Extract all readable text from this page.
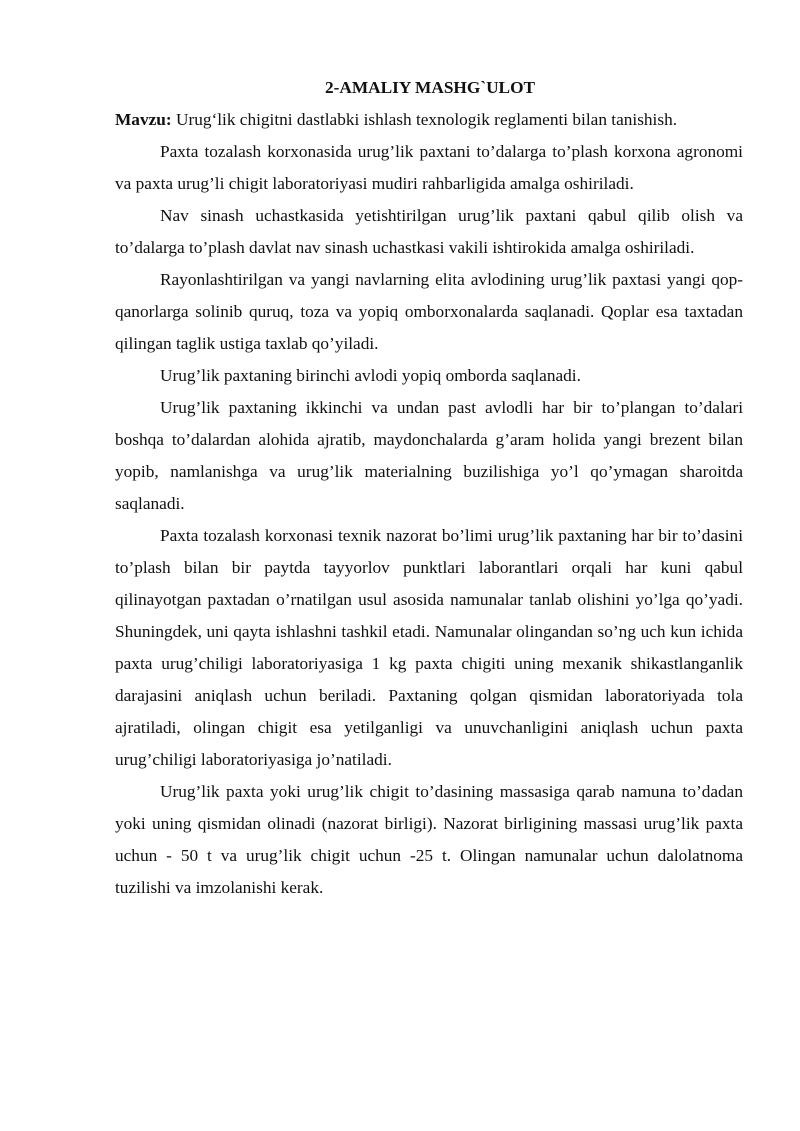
2-AMALIY MASHG`ULOT

Mavzu: Urug‘lik chigitni dastlabki ishlash texnologik reglamenti bilan tanishish.

Paxta tozalash korxonasida urug’lik paxtani to’dalarga to’plash korxona agronomi va paxta urug’li chigit laboratoriyasi mudiri rahbarligida amalga oshiriladi.

Nav sinash uchastkasida yetishtirilgan urug’lik paxtani qabul qilib olish va to’dalarga to’plash davlat nav sinash uchastkasi vakili ishtirokida amalga oshiriladi.

Rayonlashtirilgan va yangi navlarning elita avlodining urug’lik paxtasi yangi qop-qanorlarga solinib quruq, toza va yopiq omborxonalarda saqlanadi. Qoplar esa taxtadan qilingan taglik ustiga taxlab qo’yiladi.

Urug’lik paxtaning birinchi avlodi yopiq omborda saqlanadi.

Urug’lik paxtaning ikkinchi va undan past avlodli har bir to’plangan to’dalari boshqa to’dalardan alohida ajratib, maydonchalarda g’aram holida yangi brezent bilan yopib, namlanishga va urug’lik materialning buzilishiga yo’l qo’ymagan sharoitda saqlanadi.

Paxta tozalash korxonasi texnik nazorat bo’limi urug’lik paxtaning har bir to’dasini to’plash bilan bir paytda tayyorlov punktlari laborantlari orqali har kuni qabul qilinayotgan paxtadan o’rnatilgan usul asosida namunalar tanlab olishini yo’lga qo’yadi. Shuningdek, uni qayta ishlashni tashkil etadi. Namunalar olingandan so’ng uch kun ichida paxta urug’chiligi laboratoriyasiga 1 kg paxta chigiti uning mexanik shikastlanganlik darajasini aniqlash uchun beriladi. Paxtaning qolgan qismidan laboratoriyada tola ajratiladi, olingan chigit esa yetilganligi va unuvchanligini aniqlash uchun paxta urug’chiligi laboratoriyasiga jo’natiladi.

Urug’lik paxta yoki urug’lik chigit to’dasining massasiga qarab namuna to’dadan yoki uning qismidan olinadi (nazorat birligi). Nazorat birligining massasi urug’lik paxta uchun - 50 t va urug’lik chigit uchun -25 t. Olingan namunalar uchun dalolatnoma tuzilishi va imzolanishi kerak.
